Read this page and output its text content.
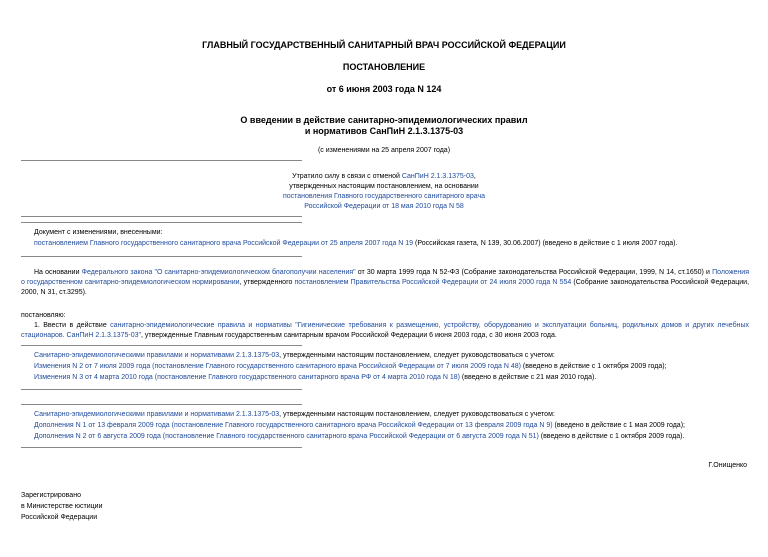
ГЛАВНЫЙ ГОСУДАРСТВЕННЫЙ САНИТАРНЫЙ ВРАЧ РОССИЙСКОЙ ФЕДЕРАЦИИ
ПОСТАНОВЛЕНИЕ
от 6 июня 2003 года N 124
О введении в действие санитарно-эпидемиологических правил
и нормативов СанПиН 2.1.3.1375-03
(с изменениями на 25 апреля 2007 года)
Утратило силу в связи с отменой СанПиН 2.1.3.1375-03,
утвержденных настоящим постановлением, на основании
постановления Главного государственного санитарного врача
Российской Федерации от 18 мая 2010 года N 58
Документ с изменениями, внесенными:
постановлением Главного государственного санитарного врача Российской Федерации от 25 апреля 2007 года N 19 (Российская газета, N 139, 30.06.2007) (введено в действие с 1 июля 2007 года).
На основании Федерального закона "О санитарно-эпидемиологическом благополучии населения" от 30 марта 1999 года N 52-ФЗ (Собрание законодательства Российской Федерации, 1999, N 14, ст.1650) и Положения о государственном санитарно-эпидемиологическом нормировании, утвержденного постановлением Правительства Российской Федерации от 24 июля 2000 года N 554 (Собрание законодательства Российской Федерации, 2000, N 31, ст.3295).
постановляю:
1. Ввести в действие санитарно-эпидемиологические правила и нормативы "Гигиенические требования к размещению, устройству, оборудованию и эксплуатации больниц, родильных домов и других лечебных стационаров. СанПиН 2.1.3.1375-03", утвержденные Главным государственным санитарным врачом Российской Федерации 6 июня 2003 года, с 30 июня 2003 года.
Санитарно-эпидемиологическими правилами и нормативами 2.1.3.1375-03, утвержденными настоящим постановлением, следует руководствоваться с учетом:
Изменения N 2 от 7 июля 2009 года (постановление Главного государственного санитарного врача Российской Федерации от 7 июля 2009 года N 48) (введено в действие с 1 октября 2009 года);
Изменения N 3 от 4 марта 2010 года (постановление Главного государственного санитарного врача РФ от 4 марта 2010 года N 18) (введено в действие с 21 мая 2010 года).
Санитарно-эпидемиологическими правилами и нормативами 2.1.3.1375-03, утвержденными настоящим постановлением, следует руководствоваться с учетом:
Дополнения N 1 от 13 февраля 2009 года (постановление Главного государственного санитарного врача Российской Федерации от 13 февраля 2009 года N 9) (введено в действие с 1 мая 2009 года);
Дополнения N 2 от 6 августа 2009 года (постановление Главного государственного санитарного врача Российской Федерации от 6 августа 2009 года N 51) (введено в действие с 1 октября 2009 года).
Г.Онищенко
Зарегистрировано
в Министерстве юстиции
Российской Федерации
